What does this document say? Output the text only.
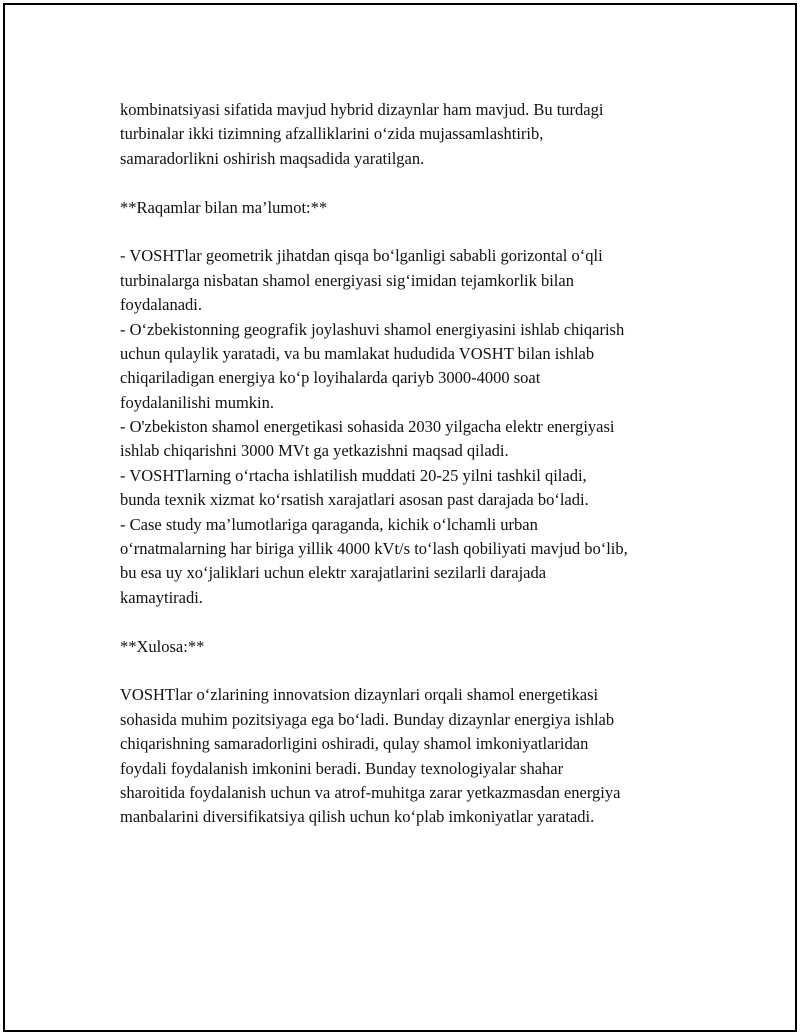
kombinatsiyasi sifatida mavjud hybrid dizaynlar ham mavjud. Bu turdagi
turbinalar ikki tizimning afzalliklarini o‘zida mujassamlashtirib,
samaradorlikni oshirish maqsadida yaratilgan.
**Raqamlar bilan ma’lumot:**
- VOSHTlar geometrik jihatdan qisqa bo‘lganligi sababli gorizontal o‘qli
turbinalarga nisbatan shamol energiyasi sig‘imidan tejamkorlik bilan
foydalanadi.
- O‘zbekistonning geografik joylashuvi shamol energiyasini ishlab chiqarish
uchun qulaylik yaratadi, va bu mamlakat hududida VOSHT bilan ishlab
chiqariladigan energiya ko‘p loyihalarda qariyb 3000-4000 soat
foydalanilishi mumkin.
- O'zbekiston shamol energetikasi sohasida 2030 yilgacha elektr energiyasi
ishlab chiqarishni 3000 MVt ga yetkazishni maqsad qiladi.
- VOSHTlarning o‘rtacha ishlatilish muddati 20-25 yilni tashkil qiladi,
bunda texnik xizmat ko‘rsatish xarajatlari asosan past darajada bo‘ladi.
- Case study ma’lumotlariga qaraganda, kichik o‘lchamli urban
o‘rnatmalarning har biriga yillik 4000 kVt/s to‘lash qobiliyati mavjud bo‘lib,
bu esa uy xo‘jaliklari uchun elektr xarajatlarini sezilarli darajada
kamaytiradi.
**Xulosa:**
VOSHTlar o‘zlarining innovatsion dizaynlari orqali shamol energetikasi
sohasida muhim pozitsiyaga ega bo‘ladi. Bunday dizaynlar energiya ishlab
chiqarishning samaradorligini oshiradi, qulay shamol imkoniyatlaridan
foydali foydalanish imkonini beradi. Bunday texnologiyalar shahar
sharoitida foydalanish uchun va atrof-muhitga zarar yetkazmasdan energiya
manbalarini diversifikatsiya qilish uchun ko‘plab imkoniyatlar yaratadi.
